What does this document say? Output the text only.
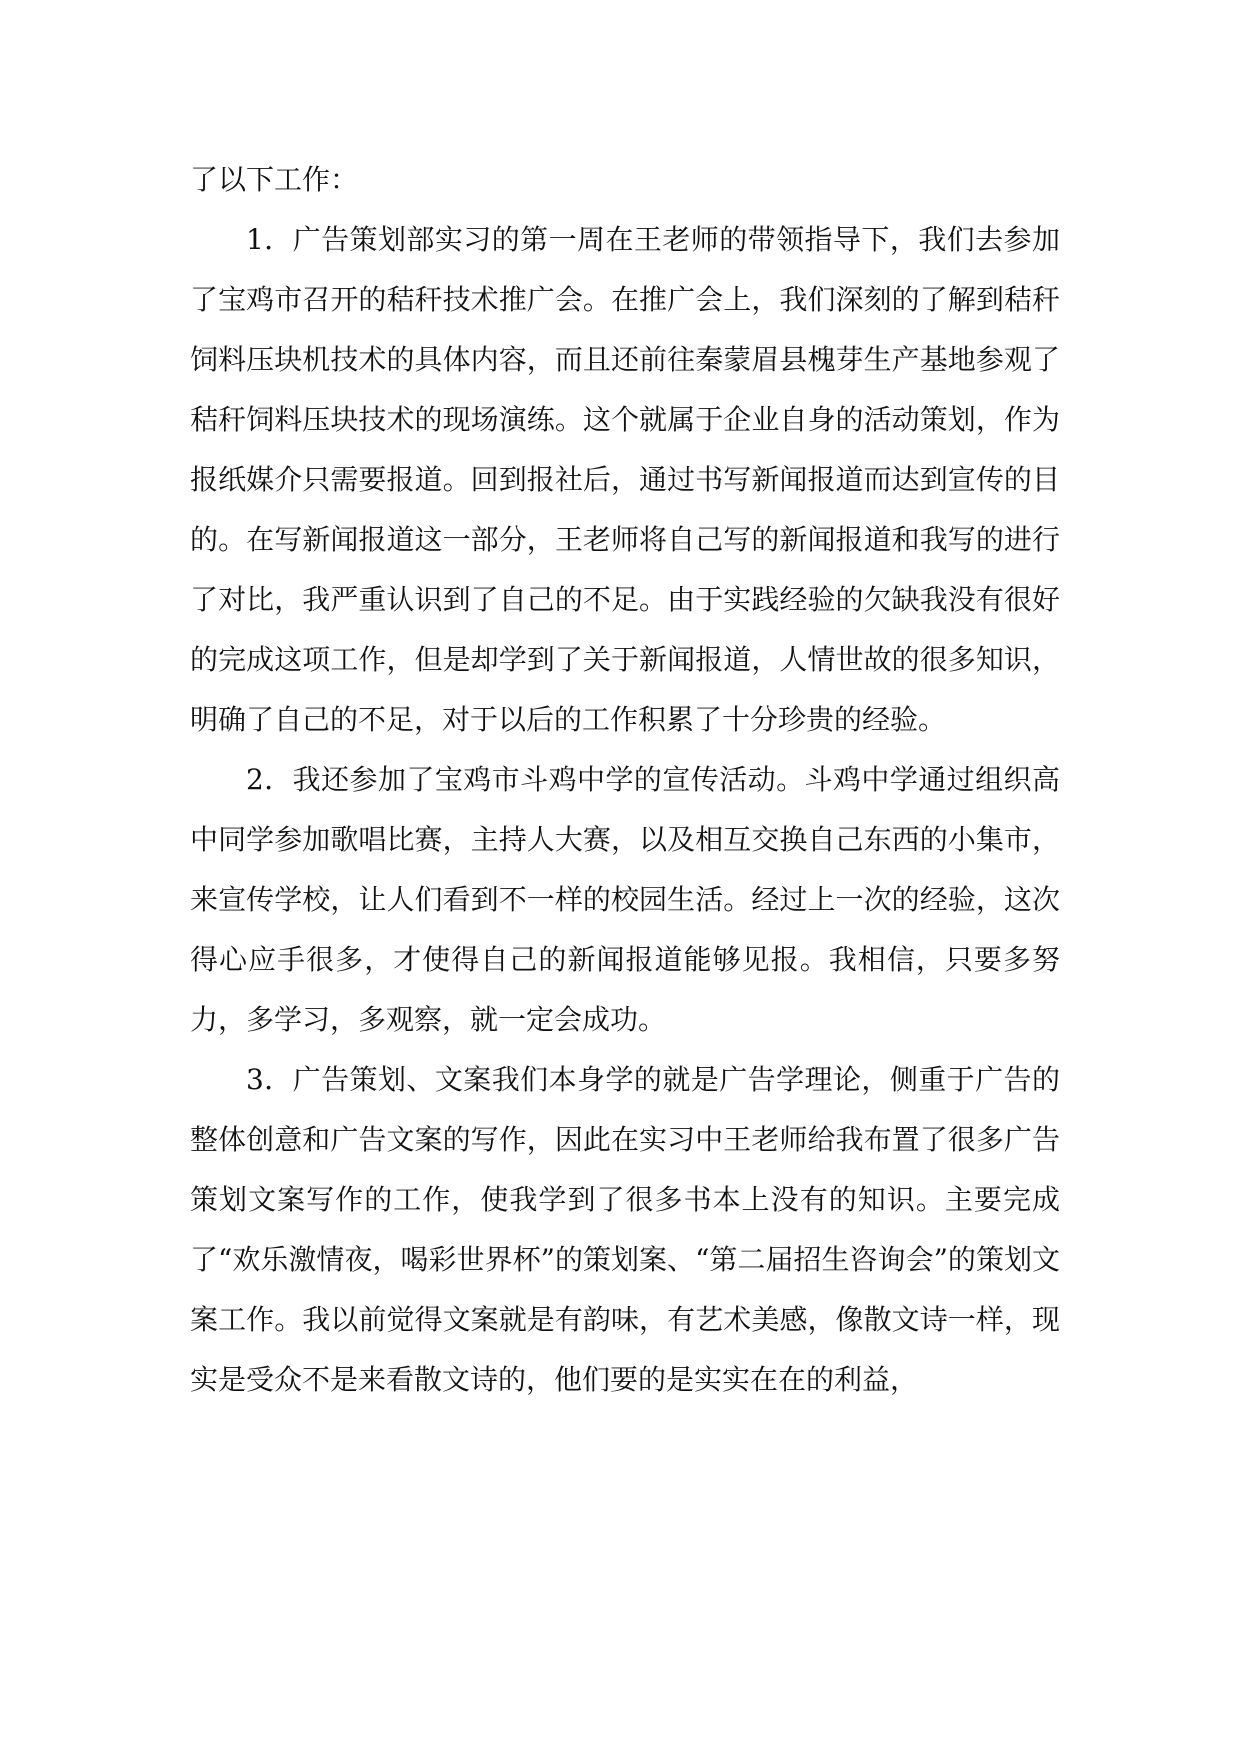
了以下工作：

1．广告策划部实习的第一周在王老师的带领指导下，我们去参加了宝鸡市召开的秸秆技术推广会。在推广会上，我们深刻的了解到秸秆饲料压块机技术的具体内容，而且还前往秦蒙眉县槐芽生产基地参观了秸秆饲料压块技术的现场演练。这个就属于企业自身的活动策划，作为报纸媒介只需要报道。回到报社后，通过书写新闻报道而达到宣传的目的。在写新闻报道这一部分，王老师将自己写的新闻报道和我写的进行了对比，我严重认识到了自己的不足。由于实践经验的欠缺我没有很好的完成这项工作，但是却学到了关于新闻报道，人情世故的很多知识，明确了自己的不足，对于以后的工作积累了十分珍贵的经验。

2．我还参加了宝鸡市斗鸡中学的宣传活动。斗鸡中学通过组织高中同学参加歌唱比赛，主持人大赛，以及相互交换自己东西的小集市，来宣传学校，让人们看到不一样的校园生活。经过上一次的经验，这次得心应手很多，才使得自己的新闻报道能够见报。我相信，只要多努力，多学习，多观察，就一定会成功。

3．广告策划、文案我们本身学的就是广告学理论，侧重于广告的整体创意和广告文案的写作，因此在实习中王老师给我布置了很多广告策划文案写作的工作，使我学到了很多书本上没有的知识。主要完成了“欢乐激情夜，喝彩世界杯”的策划案、“第二届招生咨询会”的策划文案工作。我以前觉得文案就是有韵味，有艺术美感，像散文诗一样，现实是受众不是来看散文诗的，他们要的是实实在在的利益，
